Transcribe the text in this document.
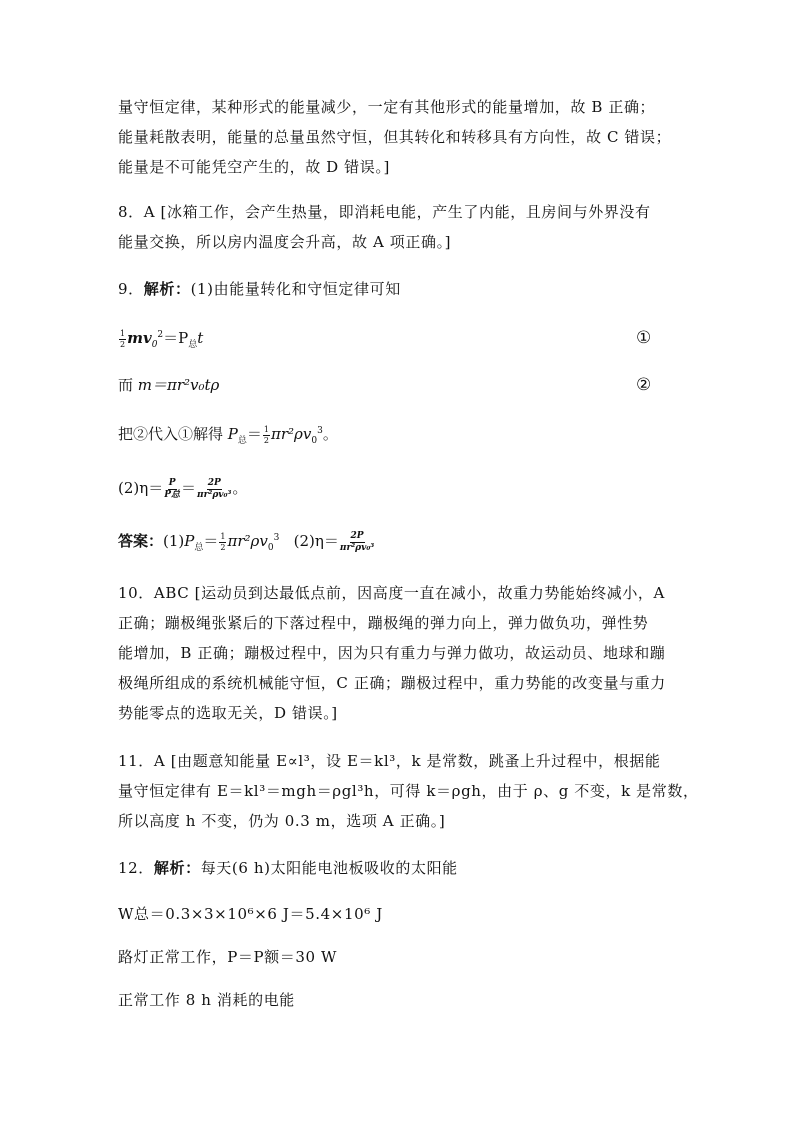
量守恒定律，某种形式的能量减少，一定有其他形式的能量增加，故 B 正确；
能量耗散表明，能量的总量虽然守恒，但其转化和转移具有方向性，故 C 错误；
能量是不可能凭空产生的，故 D 错误。]
8．A [冰箱工作，会产生热量，即消耗电能，产生了内能，且房间与外界没有
能量交换，所以房内温度会升高，故 A 项正确。]
9．解析：(1)由能量转化和守恒定律可知
$\frac{1}{2} mv_0^2=P_总t$	①
而 m＝πr²v₀tρ	②
把②代入①解得 $P_总= \frac{1}{2} \pi r^2\rho v_0^3$。
$(2)\eta= \frac{P}{\text{P总}} = \frac{2P}{\text{πr²ρv₀³}}$ 。
答案：$(1)P_总= \frac{1}{2} \pi r^2\rho v_0^3$ $(2)\eta= \frac{2P}{\text{πr²ρv₀³}}$
10．ABC [运动员到达最低点前，因高度一直在减小，故重力势能始终减小，A
正确；蹦极绳张紧后的下落过程中，蹦极绳的弹力向上，弹力做负功，弹性势
能增加，B 正确；蹦极过程中，因为只有重力与弹力做功，故运动员、地球和蹦
极绳所组成的系统机械能守恒，C 正确；蹦极过程中，重力势能的改变量与重力
势能零点的选取无关，D 错误。]
11．A [由题意知能量 E∝l³，设 E＝kl³，k 是常数，跳蚤上升过程中，根据能
量守恒定律有 E＝kl³＝mgh＝ρgl³h，可得 k＝ρgh，由于 ρ、g 不变，k 是常数，
所以高度 h 不变，仍为 0.3 m，选项 A 正确。]
12．解析：每天(6 h)太阳能电池板吸收的太阳能
W总＝0.3×3×10⁶×6 J＝5.4×10⁶ J
路灯正常工作，P＝P额＝30 W
正常工作 8 h 消耗的电能
